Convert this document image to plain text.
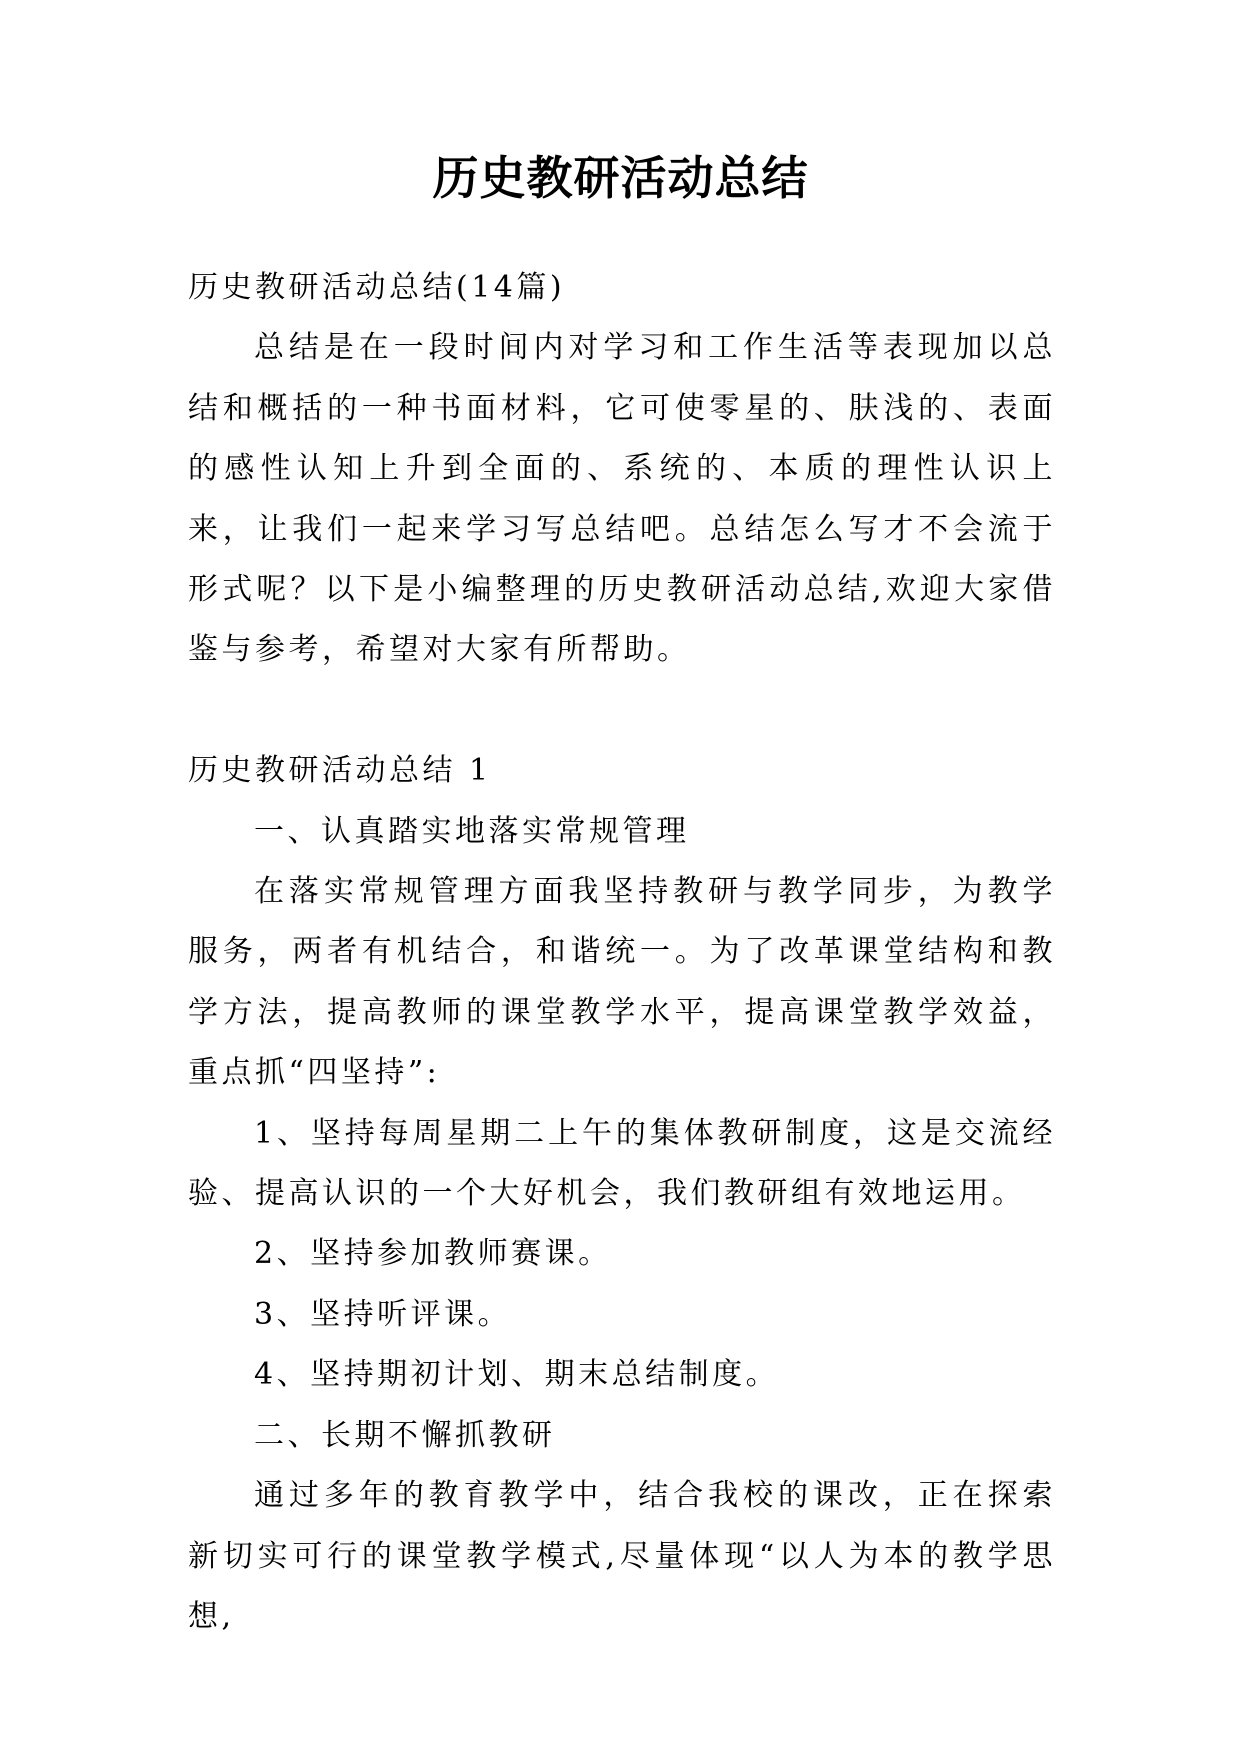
历史教研活动总结

历史教研活动总结(14篇)

总结是在一段时间内对学习和工作生活等表现加以总结和概括的一种书面材料，它可使零星的、肤浅的、表面的感性认知上升到全面的、系统的、本质的理性认识上来，让我们一起来学习写总结吧。总结怎么写才不会流于形式呢？以下是小编整理的历史教研活动总结,欢迎大家借鉴与参考，希望对大家有所帮助。

历史教研活动总结 1

一、认真踏实地落实常规管理

在落实常规管理方面我坚持教研与教学同步，为教学服务，两者有机结合，和谐统一。为了改革课堂结构和教学方法，提高教师的课堂教学水平，提高课堂教学效益，重点抓“四坚持”:

1、坚持每周星期二上午的集体教研制度，这是交流经验、提高认识的一个大好机会，我们教研组有效地运用。

2、坚持参加教师赛课。

3、坚持听评课。

4、坚持期初计划、期末总结制度。

二、长期不懈抓教研

通过多年的教育教学中，结合我校的课改，正在探索新切实可行的课堂教学模式,尽量体现“以人为本的教学思想,
